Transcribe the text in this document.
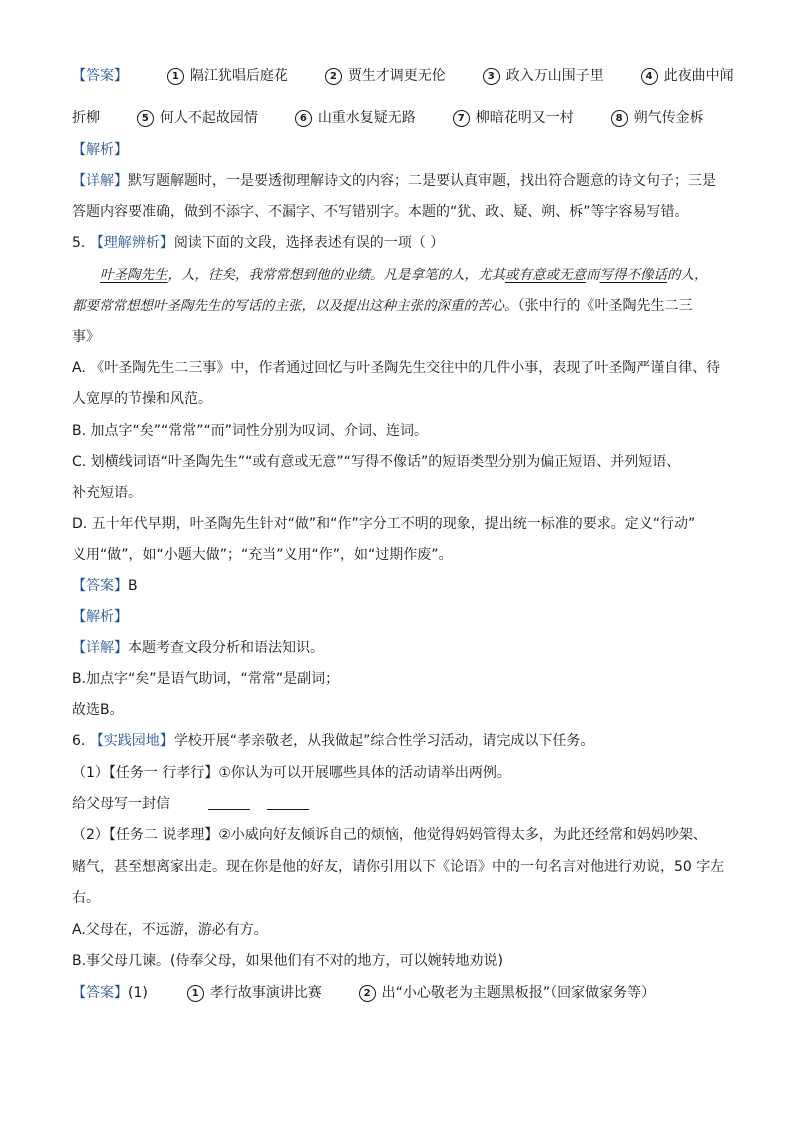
【答案】	1 隔江犹唱后庭花	2 贾生才调更无伦	3 政入万山围子里	4 此夜曲中闻
折柳	5 何人不起故园情	6 山重水复疑无路	7 柳暗花明又一村	8 朔气传金柝
【解析】
【详解】默写题解题时，一是要透彻理解诗文的内容；二是要认真审题，找出符合题意的诗文句子；三是
答题内容要准确，做到不添字、不漏字、不写错别字。本题的“犹、政、疑、朔、柝”等字容易写错。
5. 【理解辨析】阅读下面的文段，选择表述有误的一项（ ）
叶圣陶先生，人，往矣，我常常想到他的业绩。凡是拿笔的人，尤其或有意或无意而写得不像话的人，
都要常常想想叶圣陶先生的写话的主张，以及提出这种主张的深重的苦心。（张中行的《叶圣陶先生二三
事》
A. 《叶圣陶先生二三事》中，作者通过回忆与叶圣陶先生交往中的几件小事，表现了叶圣陶严谨自律、待
人宽厚的节操和风范。
B. 加点字“矣”“常常”“而”词性分别为叹词、介词、连词。
C. 划横线词语“叶圣陶先生”“或有意或无意”“写得不像话”的短语类型分别为偏正短语、并列短语、
补充短语。
D. 五十年代早期，叶圣陶先生针对“做”和“作”字分工不明的现象，提出统一标准的要求。定义“行动”
义用“做”，如“小题大做”；“充当”义用“作”，如“过期作废”。
【答案】B
【解析】
【详解】本题考查文段分析和语法知识。
B.加点字“矣”是语气助词，“常常”是副词；
故选B。
6. 【实践园地】学校开展“孝亲敬老，从我做起”综合性学习活动，请完成以下任务。
（1）【任务一 行孝行】①你认为可以开展哪些具体的活动请举出两例。
给父母写一封信
（2）【任务二 说孝理】②小威向好友倾诉自己的烦恼，他觉得妈妈管得太多，为此还经常和妈妈吵架、
赌气，甚至想离家出走。现在你是他的好友，请你引用以下《论语》中的一句名言对他进行劝说，50 字左
右。
A.父母在，不远游，游必有方。
B.事父母几谏。(侍奉父母，如果他们有不对的地方，可以婉转地劝说)
【答案】(1)	1 孝行故事演讲比赛	2 出“小心敬老为主题黑板报”（回家做家务等）
